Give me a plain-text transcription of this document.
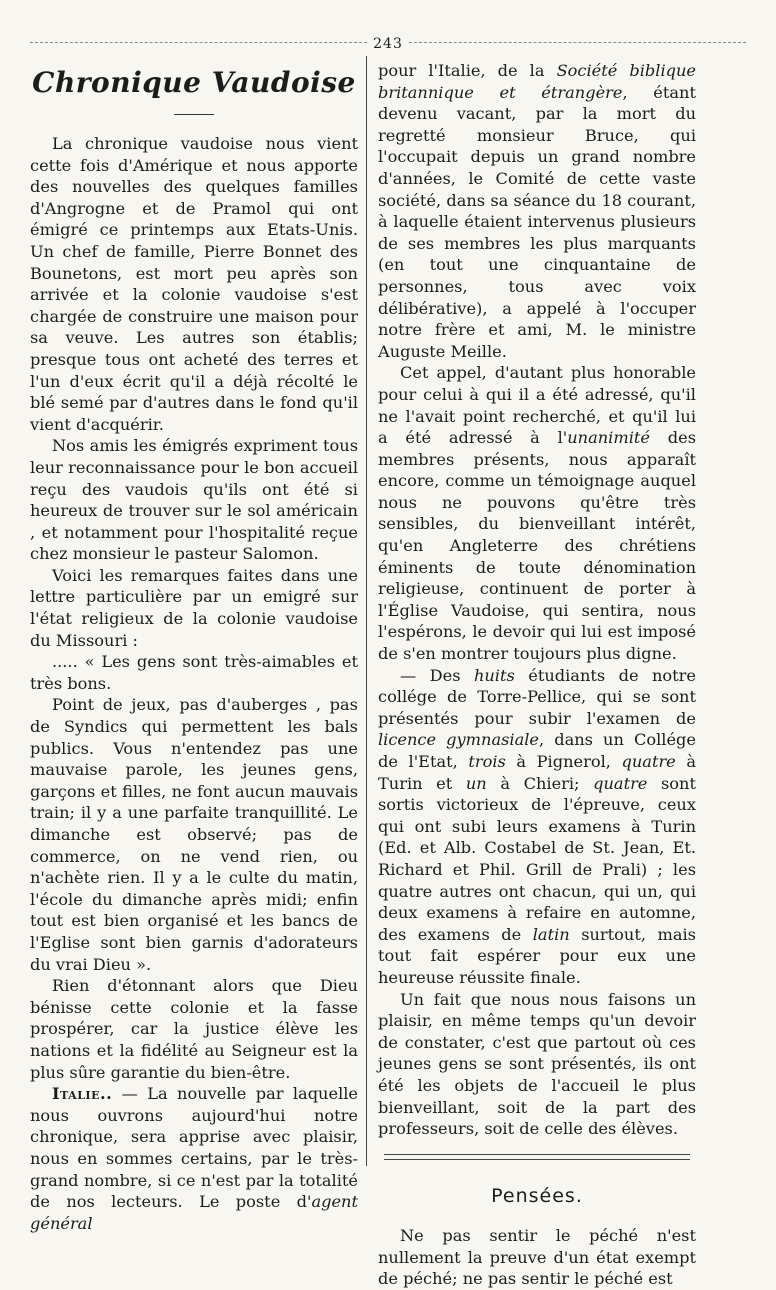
243
Chronique Vaudoise

La chronique vaudoise nous vient cette fois d'Amérique et nous apporte des nouvelles des quelques familles d'Angrogne et de Pramol qui ont émigré ce printemps aux Etats-Unis. Un chef de famille, Pierre Bonnet des Bounetons, est mort peu après son arrivée et la colonie vaudoise s'est chargée de construire une maison pour sa veuve. Les autres son établis; presque tous ont acheté des terres et l'un d'eux écrit qu'il a déjà récolté le blé semé par d'autres dans le fond qu'il vient d'acquérir.

Nos amis les émigrés expriment tous leur reconnaissance pour le bon accueil reçu des vaudois qu'ils ont été si heureux de trouver sur le sol américain , et notamment pour l'hospitalité reçue chez monsieur le pasteur Salomon.

Voici les remarques faites dans une lettre particulière par un emigré sur l'état religieux de la colonie vaudoise du Missouri :

..... « Les gens sont très-aimables et très bons.

Point de jeux, pas d'auberges , pas de Syndics qui permettent les bals publics. Vous n'entendez pas une mauvaise parole, les jeunes gens, garçons et filles, ne font aucun mauvais train; il y a une parfaite tranquillité. Le dimanche est observé; pas de commerce, on ne vend rien, ou n'achète rien. Il y a le culte du matin, l'école du dimanche après midi; enfin tout est bien organisé et les bancs de l'Eglise sont bien garnis d'adorateurs du vrai Dieu ».

Rien d'étonnant alors que Dieu bénisse cette colonie et la fasse prospérer, car la justice élève les nations et la fidélité au Seigneur est la plus sûre garantie du bien-être.

Italie.. — La nouvelle par laquelle nous ouvrons aujourd'hui notre chronique, sera apprise avec plaisir, nous en sommes certains, par le très-grand nombre, si ce n'est par la totalité de nos lecteurs. Le poste d'agent général

pour l'Italie, de la Société biblique britannique et étrangère, étant devenu vacant, par la mort du regretté monsieur Bruce, qui l'occupait depuis un grand nombre d'années, le Comité de cette vaste société, dans sa séance du 18 courant, à laquelle étaient intervenus plusieurs de ses membres les plus marquants (en tout une cinquantaine de personnes, tous avec voix délibérative), a appelé à l'occuper notre frère et ami, M. le ministre Auguste Meille.

Cet appel, d'autant plus honorable pour celui à qui il a été adressé, qu'il ne l'avait point recherché, et qu'il lui a été adressé à l'unanimité des membres présents, nous apparaît encore, comme un témoignage auquel nous ne pouvons qu'être très sensibles, du bienveillant intérêt, qu'en Angleterre des chrétiens éminents de toute dénomination religieuse, continuent de porter à l'Église Vaudoise, qui sentira, nous l'espérons, le devoir qui lui est imposé de s'en montrer toujours plus digne.

— Des huits étudiants de notre collége de Torre-Pellice, qui se sont présentés pour subir l'examen de licence gymnasiale, dans un Collége de l'Etat, trois à Pignerol, quatre à Turin et un à Chieri; quatre sont sortis victorieux de l'épreuve, ceux qui ont subi leurs examens à Turin (Ed. et Alb. Costabel de St. Jean, Et. Richard et Phil. Grill de Prali) ; les quatre autres ont chacun, qui un, qui deux examens à refaire en automne, des examens de latin surtout, mais tout fait espérer pour eux une heureuse réussite finale.

Un fait que nous nous faisons un plaisir, en même temps qu'un devoir de constater, c'est que partout où ces jeunes gens se sont présentés, ils ont été les objets de l'accueil le plus bienveillant, soit de la part des professeurs, soit de celle des élèves.

Pensées.

Ne pas sentir le péché n'est nullement la preuve d'un état exempt de péché; ne pas sentir le péché est
